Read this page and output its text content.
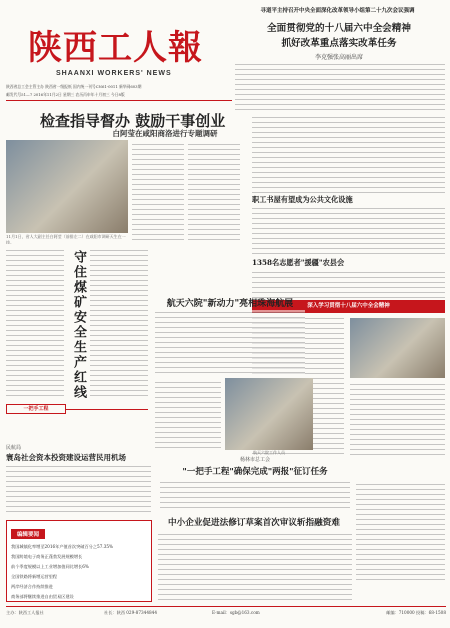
寻道平主持召开中央全面深化改革领导小组第二十九次会议强调
陕西工人報
SHAANXI WORKERS' NEWS
全面贯彻党的十八届六中全会精神
抓好改革重点落实改革任务
李克强张高丽出席
陕西省总工会主管主办 陕西省一级报纸 国内统一刊号CN61-0011 新华网603期
邮发代号51—7 2016年11月2日 星期三 农历丙申年十月初三 今日8版
检查指导督办 鼓励干事创业
白阿莹在咸阳商洛进行专题调研
11月1日，省人大副主任白阿莹（前排左二）在咸阳市调研天生在一线。
职工书屋有望成为公共文化设施
1358名志愿者"援疆"农县会
深入学习贯彻十八届六中全会精神
守住煤矿安全生产红线	航天六院"新动力"亮相珠海航展
航天六院工作人员
一把手工程
民航局
寰岛社会资本投资建设运营民用机场	杨林市总工会
"一把手工程"确保完成"两报"征订任务
编辑要闻
我国城镇化率增至2016年产值首次突破百分之57.35%
我国跨境电子商务正蓬勃发展规模增长
前个季度规模以上工业增加值同比增长6%
全国铁路将新增运营里程
两岸经济合作持续推进
商务部将继续推进自由贸易区建设
中小企业促进法修订草案首次审议斩指融资难
主办：陕西工人报社	社长：陕西 029-87344844	E-mail：sgb@163.com	邮编：710000 投稿：68-1508
